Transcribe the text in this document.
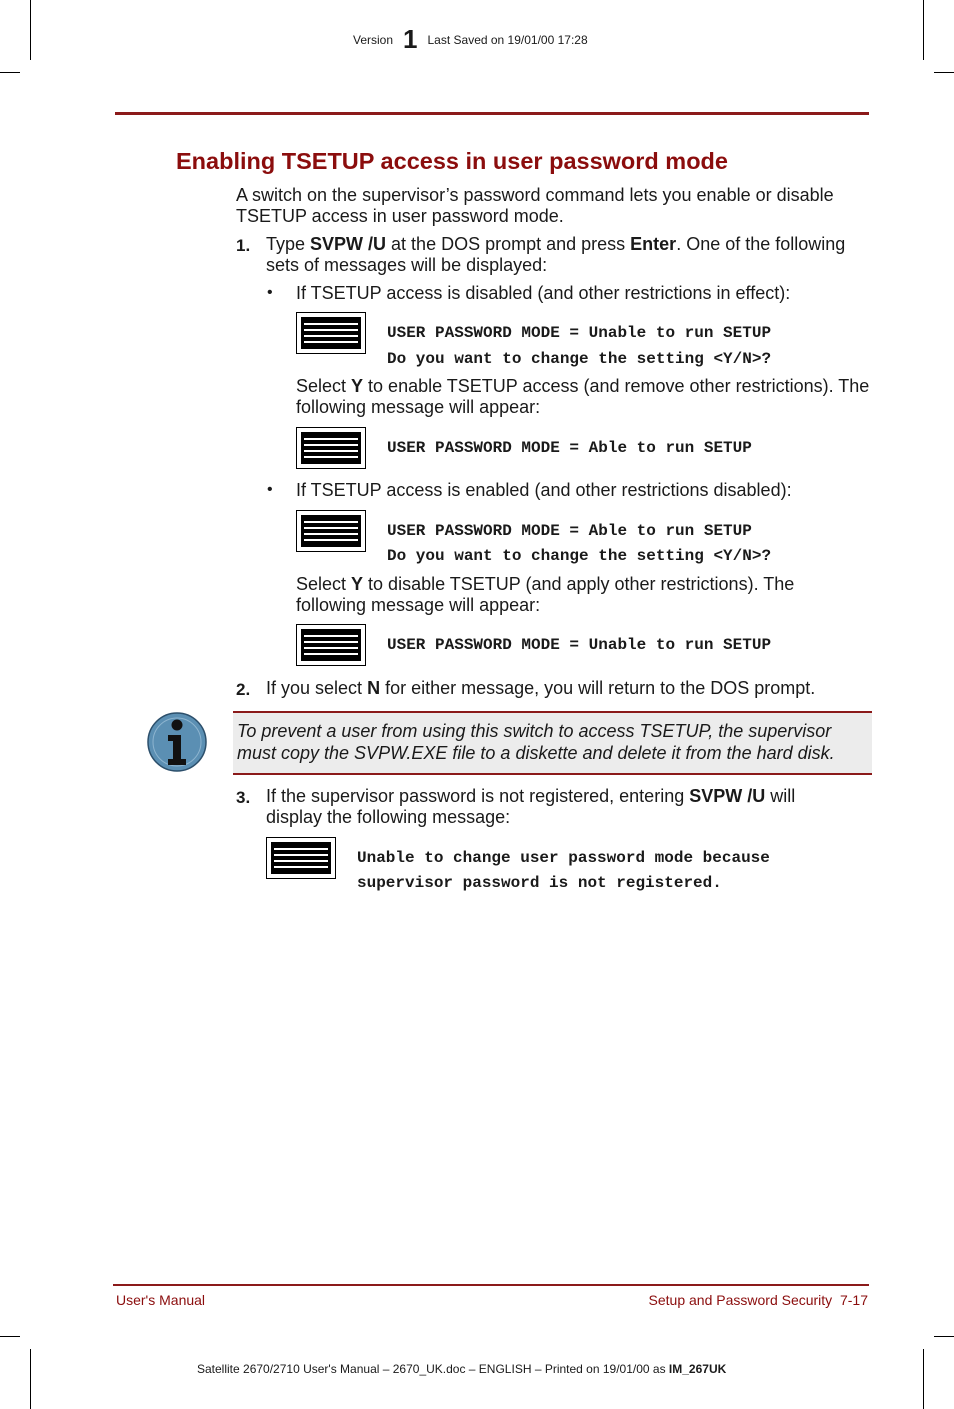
Version 1 Last Saved on 19/01/00 17:28
Enabling TSETUP access in user password mode

A switch on the supervisor’s password command lets you enable or disable TSETUP access in user password mode.

1. Type SVPW /U at the DOS prompt and press Enter. One of the following sets of messages will be displayed:

• If TSETUP access is disabled (and other restrictions in effect):

USER PASSWORD MODE = Unable to run SETUP
Do you want to change the setting <Y/N>?

Select Y to enable TSETUP access (and remove other restrictions). The following message will appear:

USER PASSWORD MODE = Able to run SETUP
• If TSETUP access is enabled (and other restrictions disabled):

USER PASSWORD MODE = Able to run SETUP
Do you want to change the setting <Y/N>?

Select Y to disable TSETUP (and apply other restrictions). The following message will appear:

USER PASSWORD MODE = Unable to run SETUP
2. If you select N for either message, you will return to the DOS prompt.

To prevent a user from using this switch to access TSETUP, the supervisor must copy the SVPW.EXE file to a diskette and delete it from the hard disk.
3. If the supervisor password is not registered, entering SVPW /U will display the following message:

Unable to change user password mode because
supervisor password is not registered.
User's Manual	Setup and Password Security  7-17
Satellite 2670/2710 User's Manual – 2670_UK.doc – ENGLISH – Printed on 19/01/00 as IM_267UK
